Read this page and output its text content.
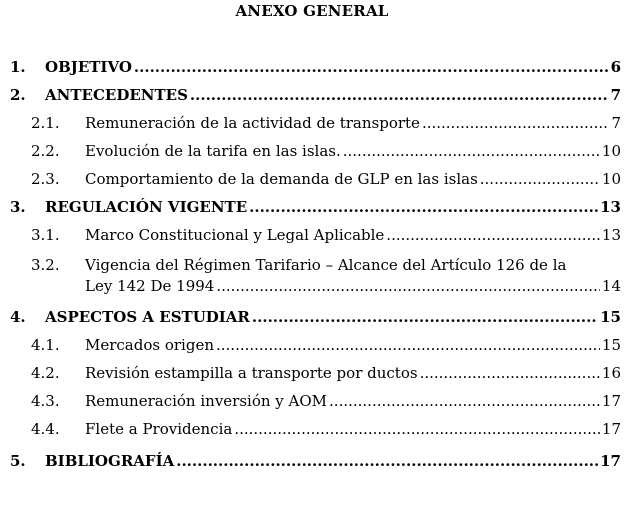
ANEXO GENERAL
1. OBJETIVO .....	6
2. ANTECEDENTES .....	7
2.1. Remuneración de la actividad de transporte .....	7
2.2. Evolución de la tarifa en las islas. .....	10
2.3. Comportamiento de la demanda de GLP en las islas .....	10
3. REGULACIÓN VIGENTE .....	13
3.1. Marco Constitucional y Legal Aplicable .....	13
3.2. Vigencia del Régimen Tarifario – Alcance del Artículo 126 de la
Ley 142 De 1994 .....	14
4. ASPECTOS A ESTUDIAR .....	15
4.1. Mercados origen .....	15
4.2. Revisión estampilla a transporte por ductos .....	16
4.3. Remuneración inversión y AOM .....	17
4.4. Flete a Providencia .....	17
5. BIBLIOGRAFÍA .....	17
